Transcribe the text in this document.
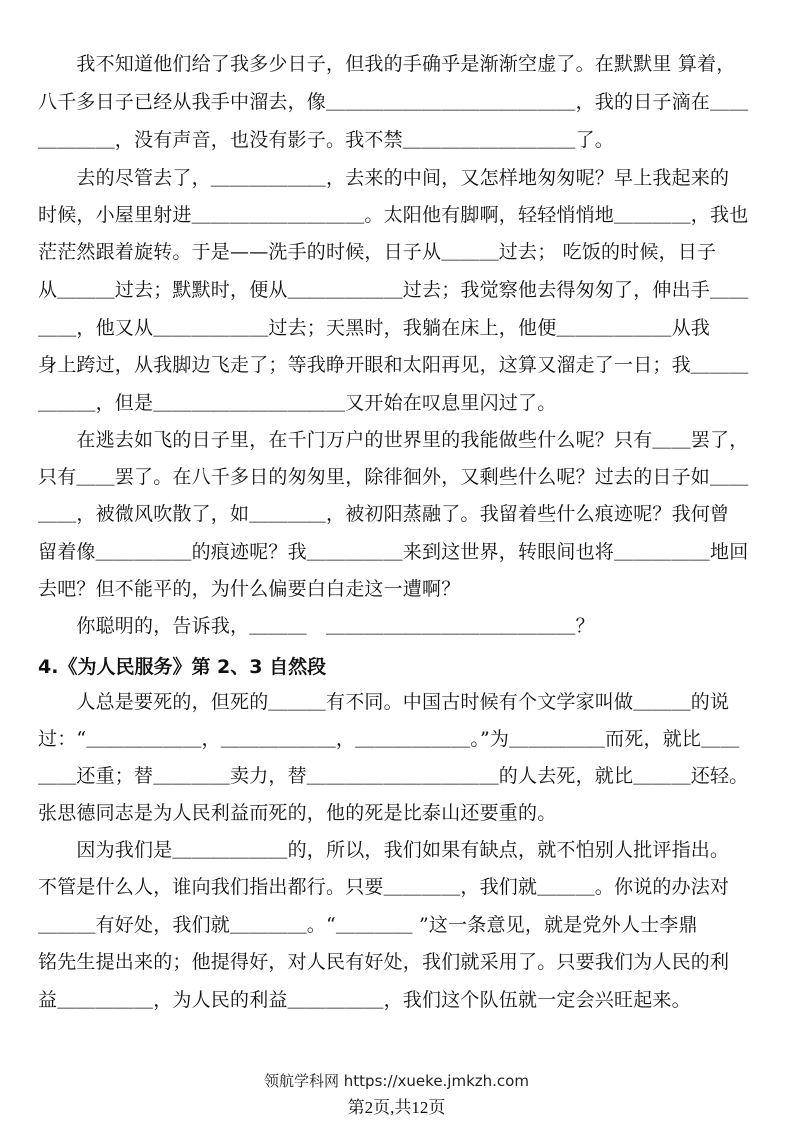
　　我不知道他们给了我多少日子，但我的手确乎是渐渐空虚了。在默默里 算着，
八千多日子已经从我手中溜去，像＿＿＿＿＿＿＿＿＿＿＿＿＿，我的日子滴在＿＿
＿＿＿＿，没有声音，也没有影子。我不禁＿＿＿＿＿＿＿＿＿了。
　　去的尽管去了，＿＿＿＿＿＿，去来的中间，又怎样地匆匆呢？早上我起来的
时候，小屋里射进＿＿＿＿＿＿＿＿＿。太阳他有脚啊，轻轻悄悄地＿＿＿＿，我也
茫茫然跟着旋转。于是——洗手的时候，日子从＿＿＿过去； 吃饭的时候，日子
从＿＿＿过去；默默时，便从＿＿＿＿＿＿过去；我觉察他去得匆匆了，伸出手＿＿
＿＿，他又从＿＿＿＿＿＿过去；天黑时，我躺在床上，他便＿＿＿＿＿＿从我
身上跨过，从我脚边飞走了；等我睁开眼和太阳再见，这算又溜走了一日；我＿＿＿
＿＿＿，但是＿＿＿＿＿＿＿＿＿＿又开始在叹息里闪过了。
　　在逃去如飞的日子里，在千门万户的世界里的我能做些什么呢？只有＿＿罢了，
只有＿＿罢了。在八千多日的匆匆里，除徘徊外，又剩些什么呢？过去的日子如＿＿
＿＿，被微风吹散了，如＿＿＿＿，被初阳蒸融了。我留着些什么痕迹呢？我何曾
留着像＿＿＿＿＿的痕迹呢？我＿＿＿＿＿来到这世界，转眼间也将＿＿＿＿＿地回
去吧？但不能平的，为什么偏要白白走这一遭啊？
　　你聪明的，告诉我，＿＿＿　＿＿＿＿＿＿＿＿＿＿＿＿＿？
4.《为人民服务》第 2、3 自然段
　　人总是要死的，但死的＿＿＿有不同。中国古时候有个文学家叫做＿＿＿的说
过：“＿＿＿＿＿＿，＿＿＿＿＿＿，＿＿＿＿＿＿。”为＿＿＿＿＿而死，就比＿＿
＿＿还重；替＿＿＿＿卖力，替＿＿＿＿＿＿＿＿＿＿的人去死，就比＿＿＿还轻。
张思德同志是为人民利益而死的，他的死是比泰山还要重的。
　　因为我们是＿＿＿＿＿＿的，所以，我们如果有缺点，就不怕别人批评指出。
不管是什么人，谁向我们指出都行。只要＿＿＿＿，我们就＿＿＿。你说的办法对
＿＿＿有好处，我们就＿＿＿＿。“＿＿＿＿ ”这一条意见，就是党外人士李鼎
铭先生提出来的；他提得好，对人民有好处，我们就采用了。只要我们为人民的利
益＿＿＿＿＿，为人民的利益＿＿＿＿＿，我们这个队伍就一定会兴旺起来。
领航学科网 https://xueke.jmkzh.com
第2页,共12页
